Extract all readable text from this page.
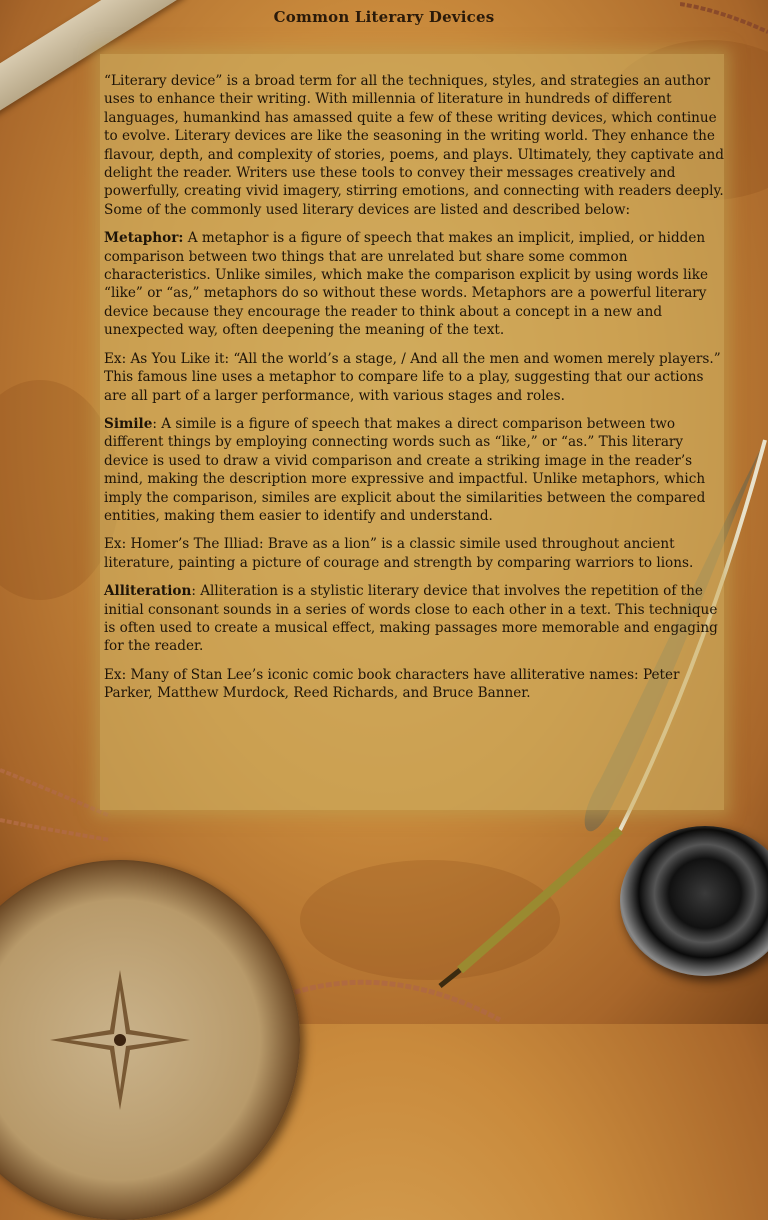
Common Literary Devices

“Literary device” is a broad term for all the techniques, styles, and strategies an author uses to enhance their writing. With millennia of literature in hundreds of different languages, humankind has amassed quite a few of these writing devices, which continue to evolve. Literary devices are like the seasoning in the writing world. They enhance the flavour, depth, and complexity of stories, poems, and plays. Ultimately, they captivate and delight the reader. Writers use these tools to convey their messages creatively and powerfully, creating vivid imagery, stirring emotions, and connecting with readers deeply. Some of the commonly used literary devices are listed and described below:

Metaphor: A metaphor is a figure of speech that makes an implicit, implied, or hidden comparison between two things that are unrelated but share some common characteristics. Unlike similes, which make the comparison explicit by using words like “like” or “as,” metaphors do so without these words. Metaphors are a powerful literary device because they encourage the reader to think about a concept in a new and unexpected way, often deepening the meaning of the text.

Ex: As You Like it: “All the world’s a stage, / And all the men and women merely players.” This famous line uses a metaphor to compare life to a play, suggesting that our actions are all part of a larger performance, with various stages and roles.

Simile: A simile is a figure of speech that makes a direct comparison between two different things by employing connecting words such as “like,” or “as.” This literary device is used to draw a vivid comparison and create a striking image in the reader’s mind, making the description more expressive and impactful. Unlike metaphors, which imply the comparison, similes are explicit about the similarities between the compared entities, making them easier to identify and understand.

Ex: Homer’s The Illiad: Brave as a lion” is a classic simile used throughout ancient literature, painting a picture of courage and strength by comparing warriors to lions.

Alliteration: Alliteration is a stylistic literary device that involves the repetition of the initial consonant sounds in a series of words close to each other in a text. This technique is often used to create a musical effect, making passages more memorable and engaging for the reader.

Ex: Many of Stan Lee’s iconic comic book characters have alliterative names: Peter Parker, Matthew Murdock, Reed Richards, and Bruce Banner.
